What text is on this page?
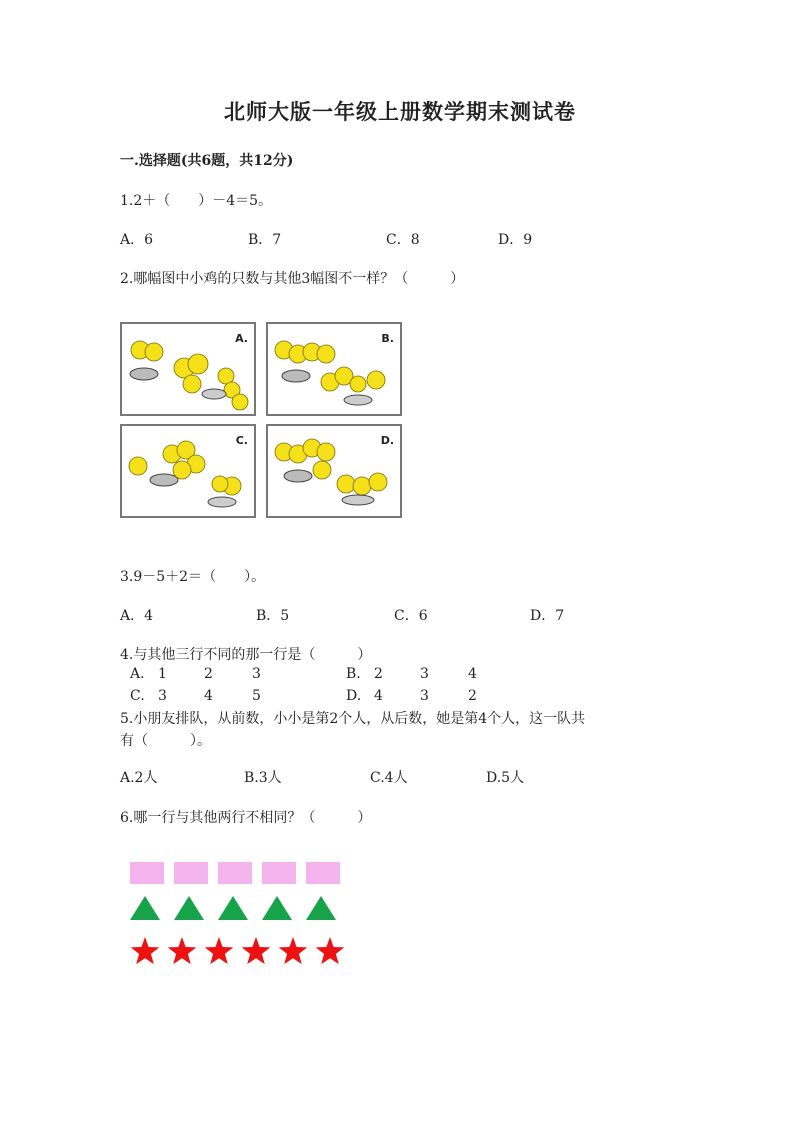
北师大版一年级上册数学期末测试卷
一.选择题(共6题，共12分)
1.2＋（　　）－4＝5。
A．6	B．7	C．8	D．9
2.哪幅图中小鸡的只数与其他3幅图不一样？（　　　）
A.	B.
C.	D.
3.9－5＋2＝（　　）。
A．4	B．5	C．6	D．7
4.与其他三行不同的那一行是（　　　）
A. 1	2	3	B. 2	3	4
C. 3	4	5	D. 4	3	2
5.小朋友排队，从前数，小小是第2个人，从后数，她是第4个人，这一队共
有（　　　）。
A.2人	B.3人	C.4人	D.5人
6.哪一行与其他两行不相同？（　　　）
